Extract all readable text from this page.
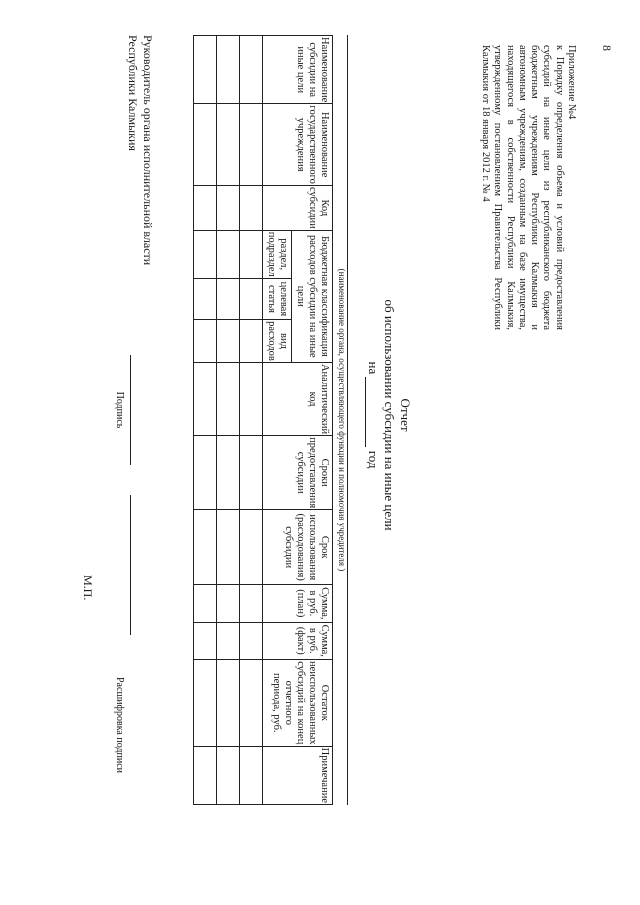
8
Приложение №4
к Порядку определения объема и условий предоставления субсидий на иные цели из республиканского бюджета бюджетным учреждениям Республики Калмыкия и автономным учреждениям, созданным на базе имущества, находящегося в собственности Республики Калмыкия, утвержденному постановлением Правительства Республики Калмыкия от 18 января 2012 г. № 4
Отчет
об использовании субсидии на иные цели
на  год
(наименование органа, осуществляющего функции и полномочия учредителя )
Наименование субсидии на иные цели	Наименование государственного учреждения	Код субсидии	Бюджетная классификация расходов субсидии на иные цели			Аналитический код	Сроки предоставления субсидии	Срок использования (расходования) субсидии	Сумма, в руб. (план)	Сумма, в руб. (факт)	Остаток неиспользованных субсидий на конец отчетного периода, руб.	Примечание

			раздел, подраздел	целевая статья	вид расходов							

Руководитель органа исполнительной власти Республики Калмыкия
Подпись
Расшифровка подписи
М.П.
